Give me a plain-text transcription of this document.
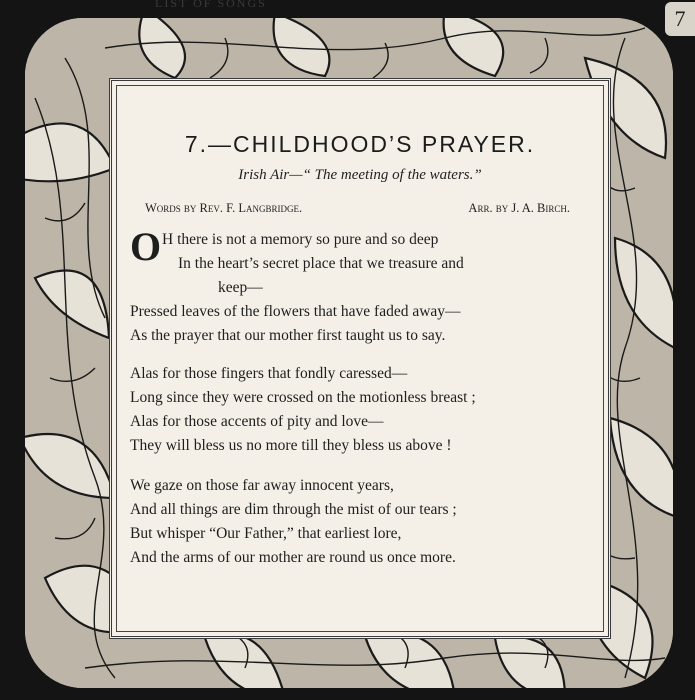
LIST OF SONGS
7
7.—CHILDHOOD’S PRAYER.
Irish Air—“ The meeting of the waters.”
Words by Rev. F. Langbridge.	Arr. by J. A. Birch.
O H there is not a memory so pure and so deep
In the heart’s secret place that we treasure and
keep—
Pressed leaves of the flowers that have faded away—
As the prayer that our mother first taught us to say.
Alas for those fingers that fondly caressed—
Long since they were crossed on the motionless breast ;
Alas for those accents of pity and love—
They will bless us no more till they bless us above !
We gaze on those far away innocent years,
And all things are dim through the mist of our tears ;
But whisper “Our Father,” that earliest lore,
And the arms of our mother are round us once more.
